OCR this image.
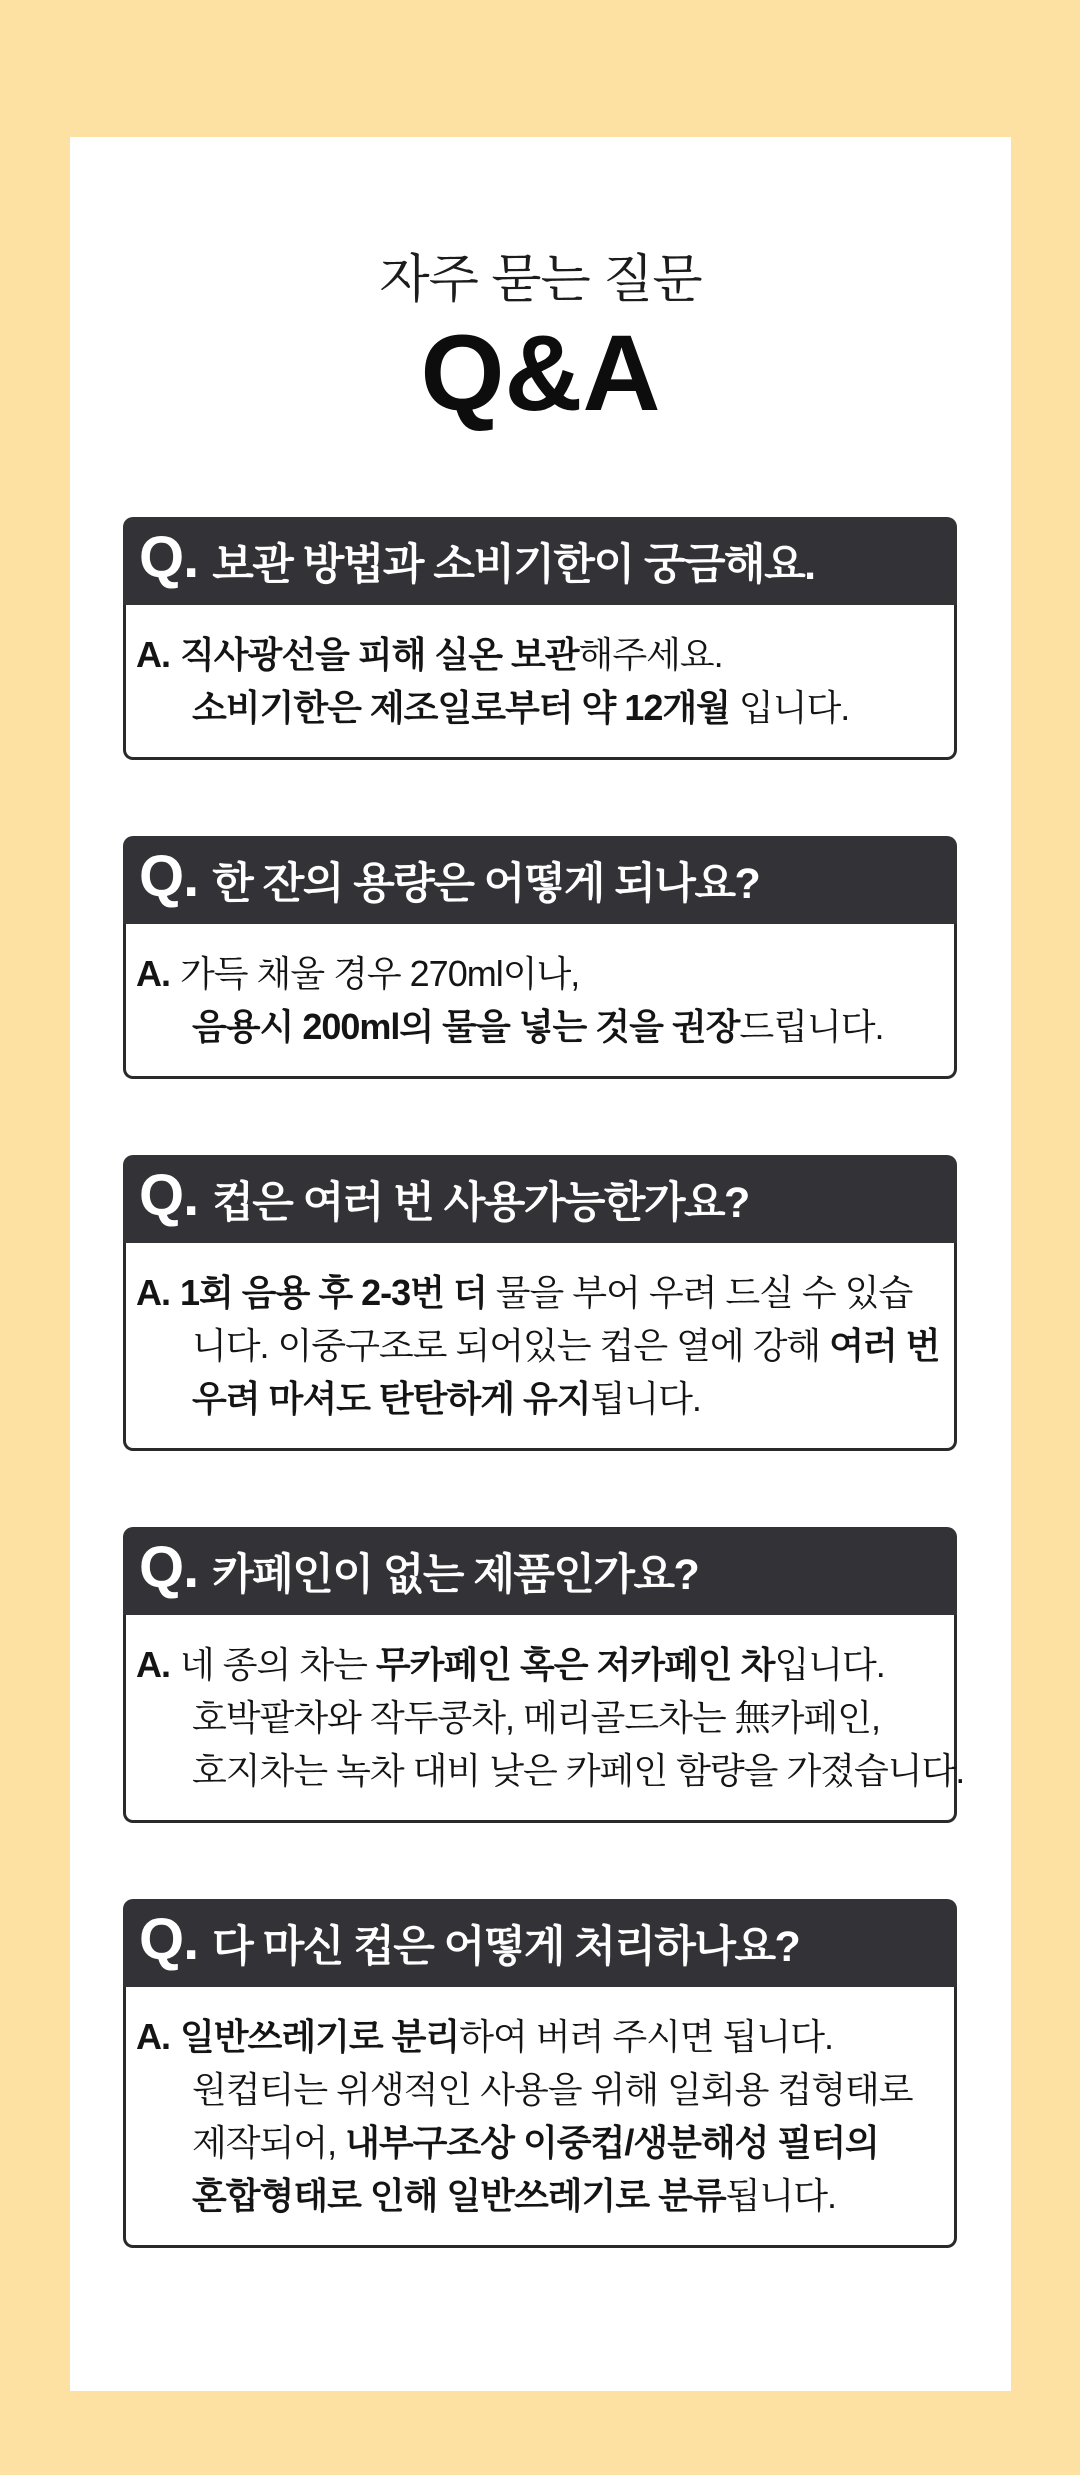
자주 묻는 질문
Q&A
Q. 보관 방법과 소비기한이 궁금해요.
A. 직사광선을 피해 실온 보관해주세요.
소비기한은 제조일로부터 약 12개월 입니다.
Q. 한 잔의 용량은 어떻게 되나요?
A. 가득 채울 경우 270ml이나,
음용시 200ml의 물을 넣는 것을 권장드립니다.
Q. 컵은 여러 번 사용가능한가요?
A. 1회 음용 후 2-3번 더 물을 부어 우려 드실 수 있습
니다. 이중구조로 되어있는 컵은 열에 강해 여러 번
우려 마셔도 탄탄하게 유지됩니다.
Q. 카페인이 없는 제품인가요?
A. 네 종의 차는 무카페인 혹은 저카페인 차입니다.
호박팥차와 작두콩차, 메리골드차는 無카페인,
호지차는 녹차 대비 낮은 카페인 함량을 가졌습니다.
Q. 다 마신 컵은 어떻게 처리하나요?
A. 일반쓰레기로 분리하여 버려 주시면 됩니다.
원컵티는 위생적인 사용을 위해 일회용 컵형태로
제작되어, 내부구조상 이중컵/생분해성 필터의
혼합형태로 인해 일반쓰레기로 분류됩니다.
